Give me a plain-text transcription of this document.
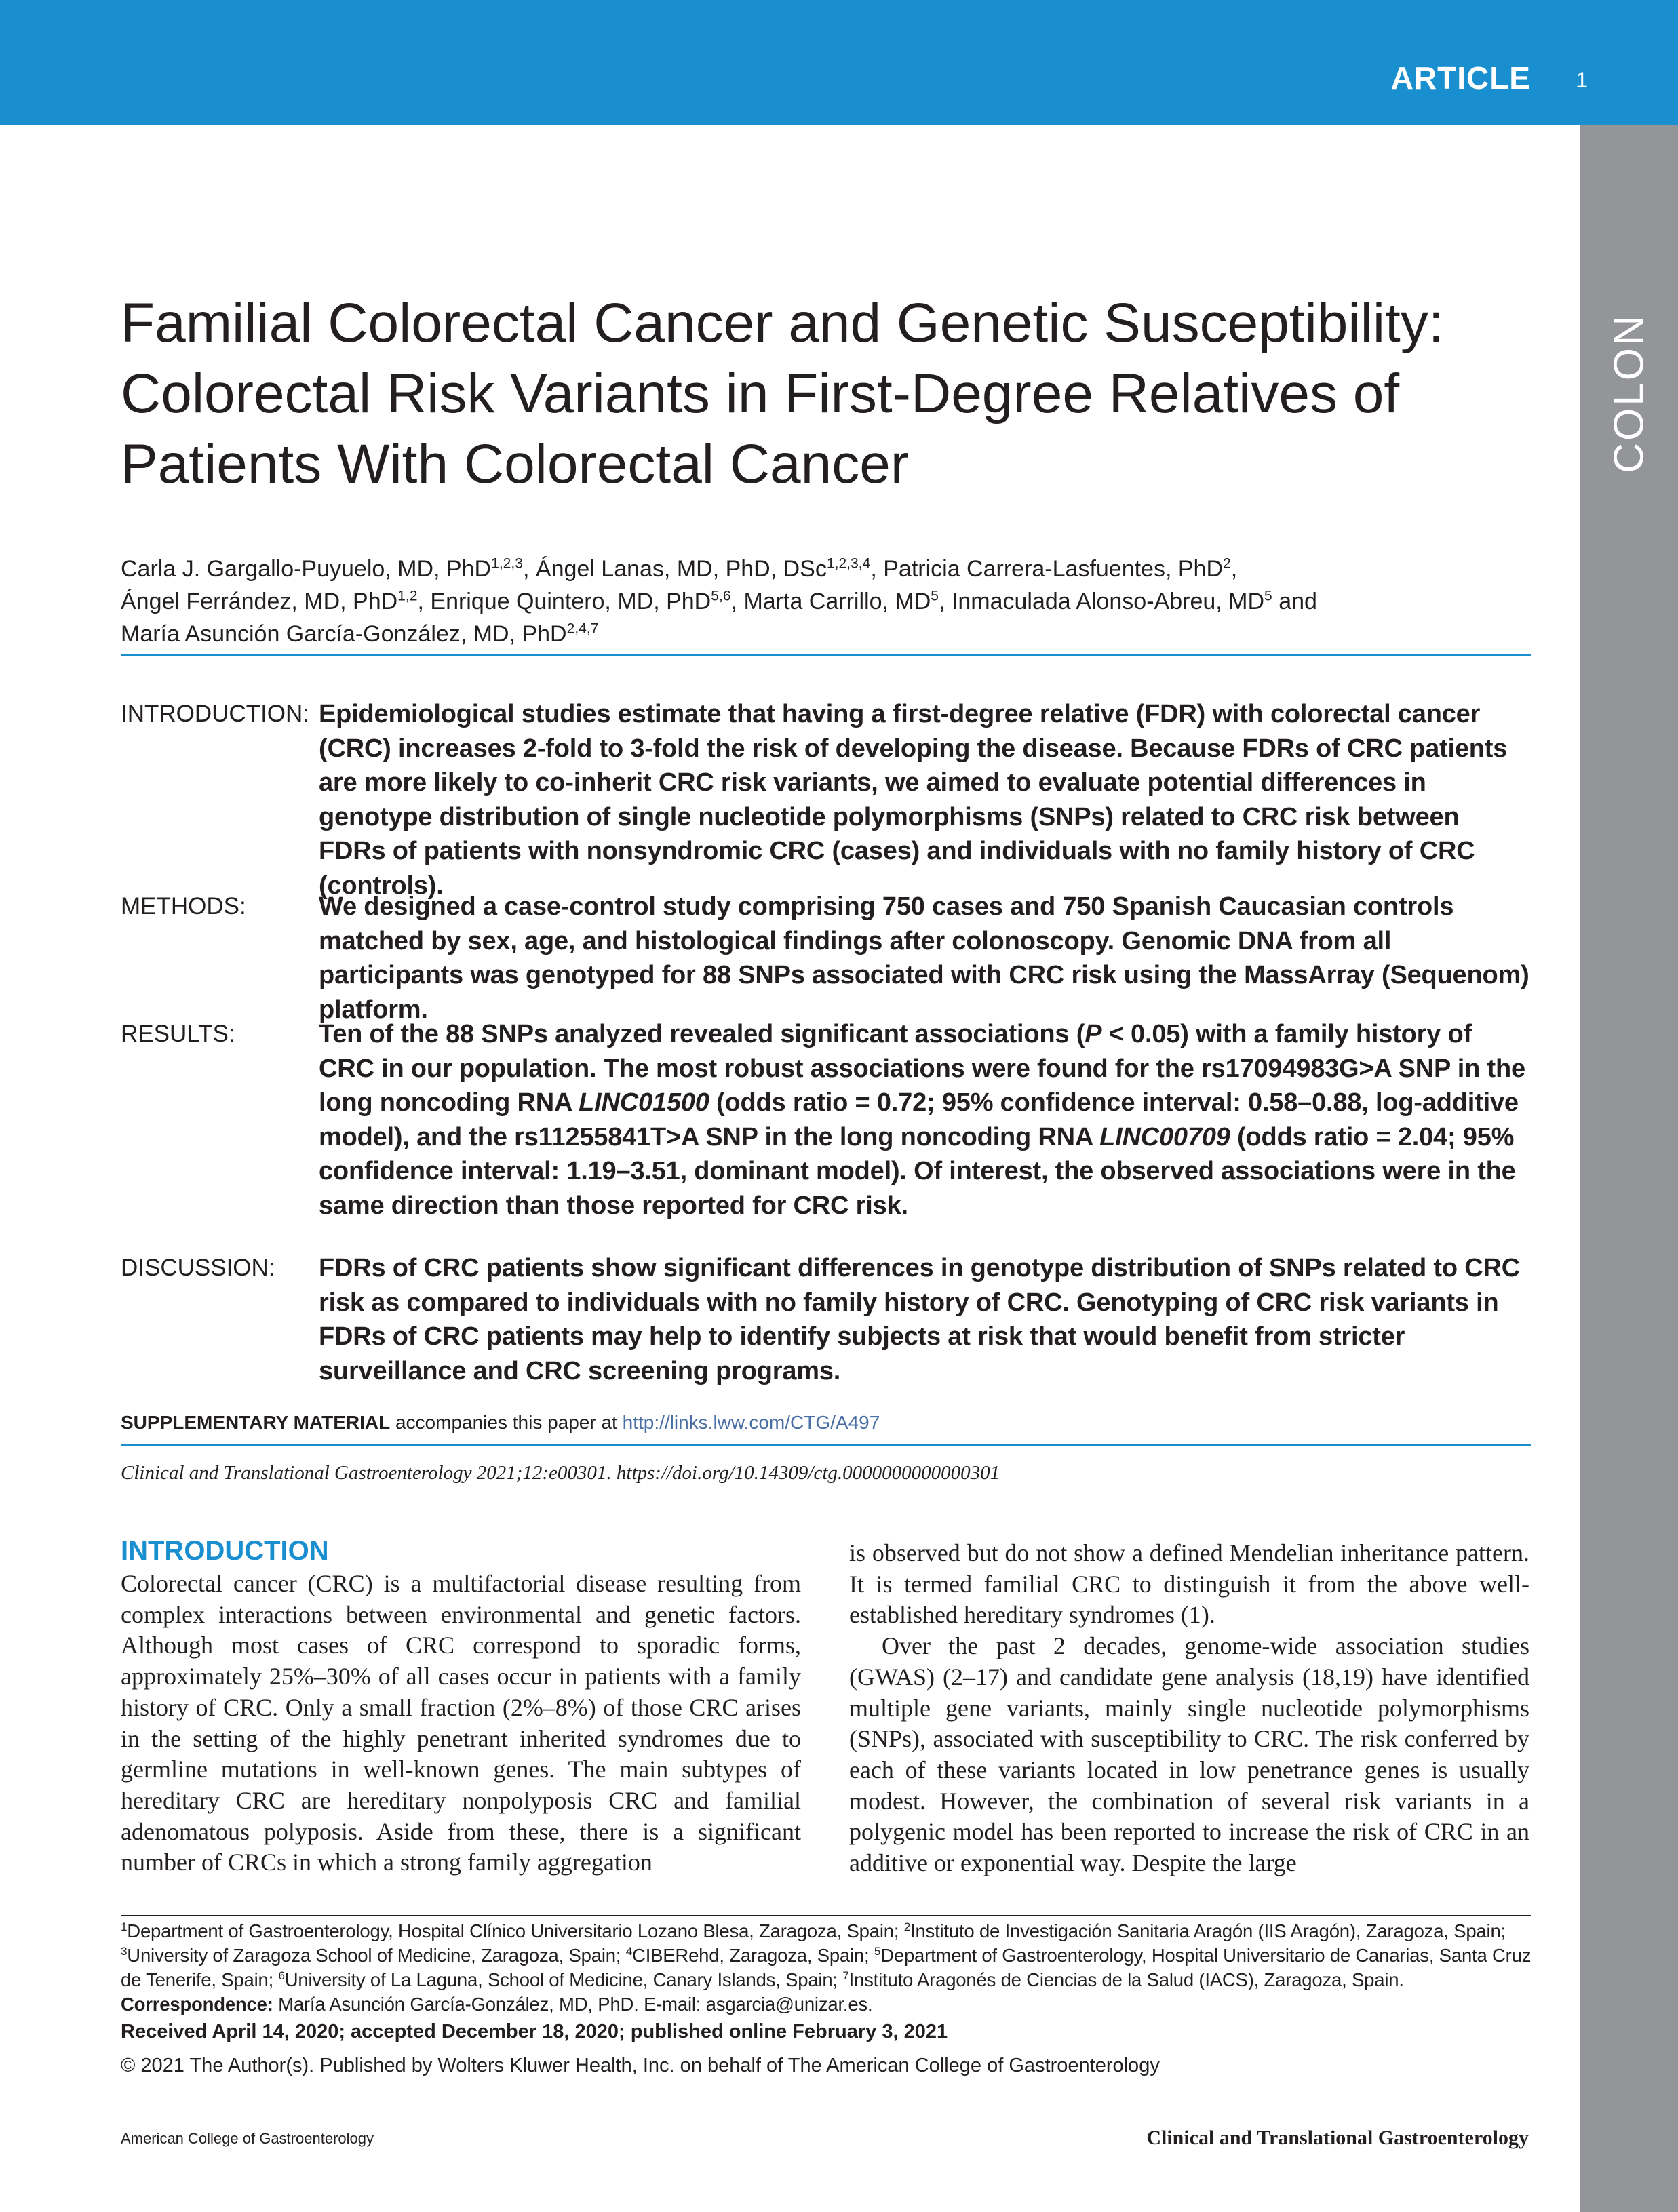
ARTICLE 1
COLON
Familial Colorectal Cancer and Genetic Susceptibility:
Colorectal Risk Variants in First-Degree Relatives of
Patients With Colorectal Cancer
Carla J. Gargallo-Puyuelo, MD, PhD$^{1,2,3}$, Ángel Lanas, MD, PhD, DSc$^{1,2,3,4}$, Patricia Carrera-Lasfuentes, PhD$^2$,
Ángel Ferrández, MD, PhD$^{1,2}$, Enrique Quintero, MD, PhD$^{5,6}$, Marta Carrillo, $MD^5$, Inmaculada Alonso-Abreu, $MD^5$ and
María Asunción García-González, MD, PhD$^{2,4,7}$
INTRODUCTION: Epidemiological studies estimate that having a first-degree relative (FDR) with colorectal cancer (CRC) increases 2-fold to 3-fold the risk of developing the disease. Because FDRs of CRC patients are more likely to co-inherit CRC risk variants, we aimed to evaluate potential differences in genotype distribution of single nucleotide polymorphisms (SNPs) related to CRC risk between FDRs of patients with nonsyndromic CRC (cases) and individuals with no family history of CRC (controls).
METHODS:	We designed a case-control study comprising 750 cases and 750 Spanish Caucasian controls matched by sex, age, and histological findings after colonoscopy. Genomic DNA from all participants was genotyped for 88 SNPs associated with CRC risk using the MassArray (Sequenom) platform.
RESULTS:	Ten of the 88 SNPs analyzed revealed significant associations (P < 0.05) with a family history of CRC in our population. The most robust associations were found for the rs17094983G>A SNP in the long noncoding RNA LINC01500 (odds ratio = 0.72; 95% confidence interval: 0.58–0.88, log-additive model), and the rs11255841T>A SNP in the long noncoding RNA LINC00709 (odds ratio = 2.04; 95% confidence interval: 1.19–3.51, dominant model). Of interest, the observed associations were in the same direction than those reported for CRC risk.
DISCUSSION:	FDRs of CRC patients show significant differences in genotype distribution of SNPs related to CRC risk as compared to individuals with no family history of CRC. Genotyping of CRC risk variants in FDRs of CRC patients may help to identify subjects at risk that would benefit from stricter surveillance and CRC screening programs.
SUPPLEMENTARY MATERIAL accompanies this paper at http://links.lww.com/CTG/A497
Clinical and Translational Gastroenterology 2021;12:e00301. https://doi.org/10.14309/ctg.0000000000000301
INTRODUCTION

Colorectal cancer (CRC) is a multifactorial disease resulting from complex interactions between environmental and genetic factors. Although most cases of CRC correspond to sporadic forms, approximately 25%–30% of all cases occur in patients with a family history of CRC. Only a small fraction (2%–8%) of those CRC arises in the setting of the highly penetrant inherited syndromes due to germline mutations in well-known genes. The main subtypes of hereditary CRC are hereditary nonpolyposis CRC and familial adenomatous polyposis. Aside from these, there is a significant number of CRCs in which a strong family aggregation

is observed but do not show a defined Mendelian inheritance pattern. It is termed familial CRC to distinguish it from the above well-established hereditary syndromes (1).

Over the past 2 decades, genome-wide association studies (GWAS) (2–17) and candidate gene analysis (18,19) have identified multiple gene variants, mainly single nucleotide polymorphisms (SNPs), associated with susceptibility to CRC. The risk conferred by each of these variants located in low penetrance genes is usually modest. However, the combination of several risk variants in a polygenic model has been reported to increase the risk of CRC in an additive or exponential way. Despite the large

$^1$Department of Gastroenterology, Hospital Clínico Universitario Lozano Blesa, Zaragoza, Spain; $^2$Instituto de Investigación Sanitaria Aragón (IIS Aragón), Zaragoza, Spain; $^3$University of Zaragoza School of Medicine, Zaragoza, Spain; $^4$CIBERehd, Zaragoza, Spain; $^5$Department of Gastroenterology, Hospital Universitario de Canarias, Santa Cruz de Tenerife, Spain; $^6$University of La Laguna, School of Medicine, Canary Islands, Spain; $^7$Instituto Aragonés de Ciencias de la Salud (IACS), Zaragoza, Spain. Correspondence: María Asunción García-González, MD, PhD. E-mail: asgarcia@unizar.es.
Received April 14, 2020; accepted December 18, 2020; published online February 3, 2021
© 2021 The Author(s). Published by Wolters Kluwer Health, Inc. on behalf of The American College of Gastroenterology
American College of Gastroenterology	Clinical and Translational Gastroenterology
